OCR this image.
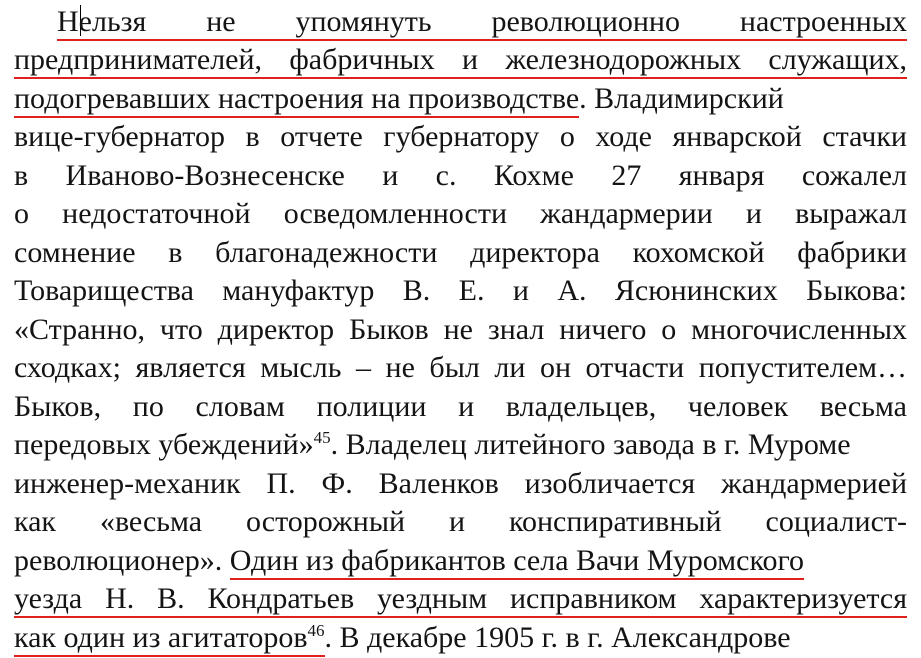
Нельзя не упомянуть революционно настроенных
предпринимателей, фабричных и железнодорожных служащих,
подогревавших настроения на производстве. Владимирский
вице-губернатор в отчете губернатору о ходе январской стачки
в Иваново-Вознесенске и с. Кохме 27 января сожалел
о недостаточной осведомленности жандармерии и выражал
сомнение в благонадежности директора кохомской фабрики
Товарищества мануфактур В. Е. и А. Ясюнинских Быкова:
«Странно, что директор Быков не знал ничего о многочисленных
сходках; является мысль – не был ли он отчасти попустителем…
Быков, по словам полиции и владельцев, человек весьма
передовых убеждений»$^{45}$. Владелец литейного завода в г. Муроме
инженер-механик П. Ф. Валенков изобличается жандармерией
как «весьма осторожный и конспиративный социалист-
революционер». Один из фабрикантов села Вачи Муромского
уезда Н. В. Кондратьев уездным исправником характеризуется
как один из агитаторов$^{46}$. В декабре 1905 г. в г. Александрове
